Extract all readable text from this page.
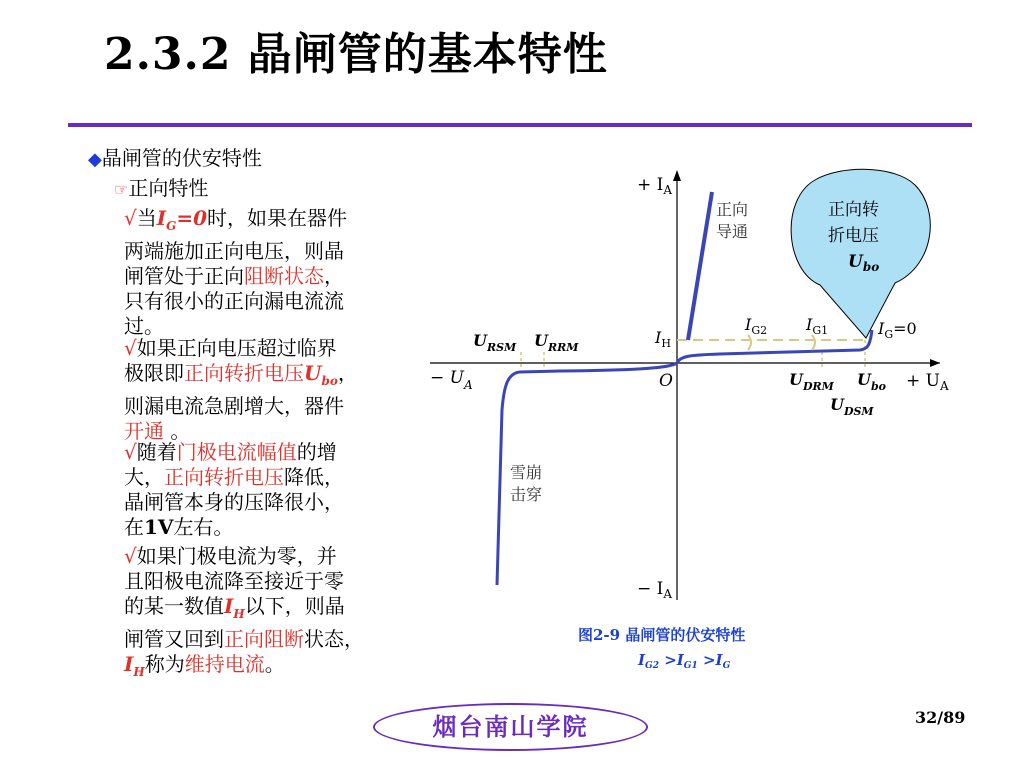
2.3.2 晶闸管的基本特性
◆晶闸管的伏安特性
☞正向特性
√当$I_G=0$时，如果在器件
两端施加正向电压，则晶
闸管处于正向阻断状态，
只有很小的正向漏电流流
过。
√如果正向电压超过临界
极限即正向转折电压$U_{bo}$，
则漏电流急剧增大，器件
开通 。
√随着门极电流幅值的增
大，正向转折电压降低，
晶闸管本身的压降很小，
在1V左右。
√如果门极电流为零，并
且阳极电流降至接近于零
的某一数值$I_H$以下，则晶
闸管又回到正向阻断状态，
$I_H$称为维持电流。
+ $I_A$
− $I_A$
− $U_A$	+ $U_A$
O
正向
导通
雪崩
击穿
$I_H$
$I_{G2}$ $I_{G1}$	$I_G=0$
$U_{RSM}$ $U_{RRM}$
$U_{DRM}$ $U_{bo}$
$U_{DSM}$
正向转
折电压
$U_{bo}$
图2-9 晶闸管的伏安特性
$I_{G2} >I_{G1} >I_G$
烟台南山学院	32/89
